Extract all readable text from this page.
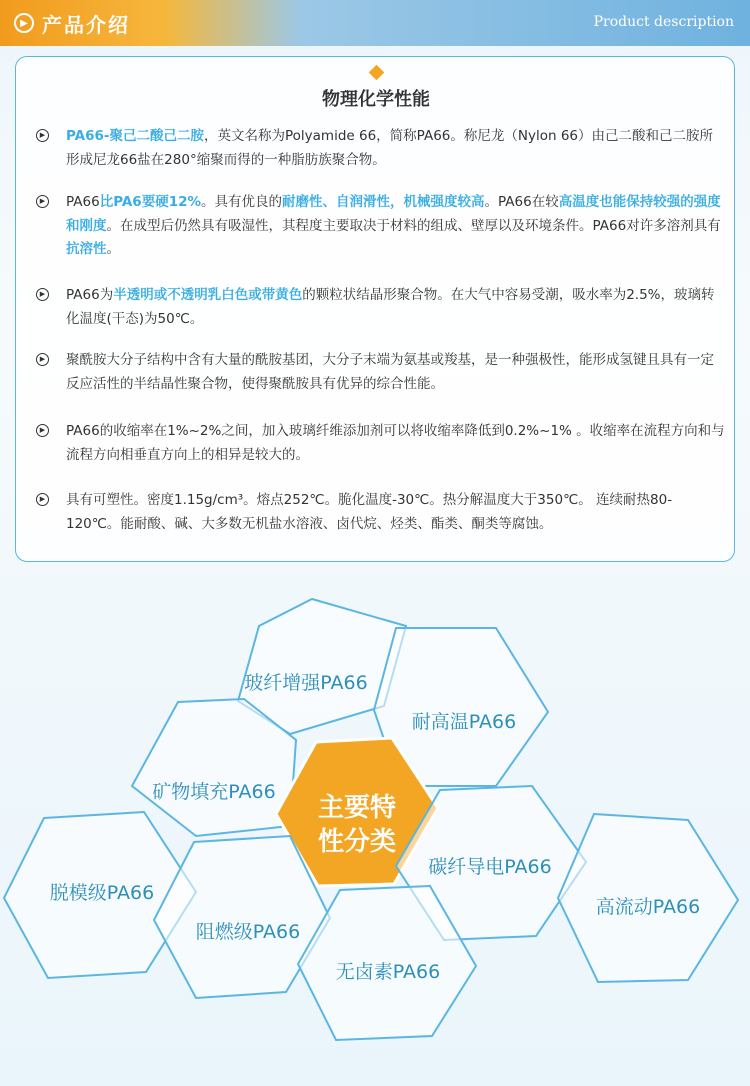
▶ 产品介绍	Product description
物理化学性能
▶ PA66-聚己二酸己二胺，英文名称为Polyamide 66，简称PA66。称尼龙（Nylon 66）由己二酸和己二胺所形成尼龙66盐在280°缩聚而得的一种脂肪族聚合物。
▶ PA66比PA6要硬12%。具有优良的耐磨性、自润滑性，机械强度较高。PA66在较高温度也能保持较强的强度和刚度。在成型后仍然具有吸湿性，其程度主要取决于材料的组成、壁厚以及环境条件。PA66对许多溶剂具有抗溶性。
▶ PA66为半透明或不透明乳白色或带黄色的颗粒状结晶形聚合物。在大气中容易受潮，吸水率为2.5%，玻璃转化温度(干态)为50℃。
▶ 聚酰胺大分子结构中含有大量的酰胺基团，大分子末端为氨基或羧基，是一种强极性，能形成氢键且具有一定反应活性的半结晶性聚合物，使得聚酰胺具有优异的综合性能。
▶ PA66的收缩率在1%~2%之间，加入玻璃纤维添加剂可以将收缩率降低到0.2%~1% 。收缩率在流程方向和与流程方向相垂直方向上的相异是较大的。
▶ 具有可塑性。密度1.15g/cm³。熔点252℃。脆化温度-30℃。热分解温度大于350℃。 连续耐热80-120℃。能耐酸、碱、大多数无机盐水溶液、卤代烷、烃类、酯类、酮类等腐蚀。
玻纤增强PA66
耐高温PA66
矿物填充PA66
主要特
性分类
碳纤导电PA66
高流动PA66
脱模级PA66
阻燃级PA66
无卤素PA66
